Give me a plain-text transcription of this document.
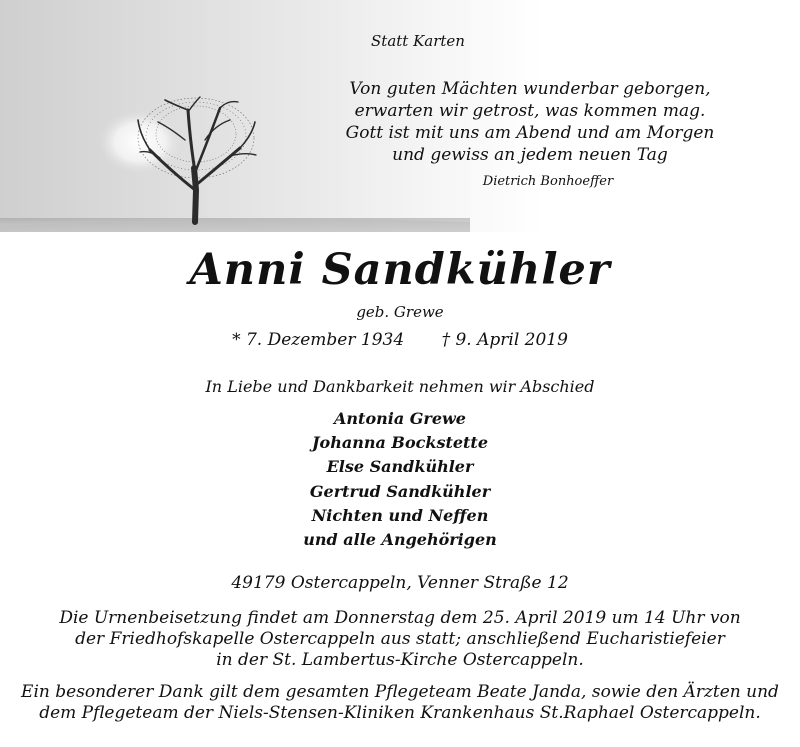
Statt Karten
Von guten Mächten wunderbar geborgen,
erwarten wir getrost, was kommen mag.
Gott ist mit uns am Abend und am Morgen
und gewiss an jedem neuen Tag
Dietrich Bonhoeffer
Anni Sandkühler
geb. Grewe
* 7. Dezember 1934 † 9. April 2019
In Liebe und Dankbarkeit nehmen wir Abschied
Antonia Grewe
Johanna Bockstette
Else Sandkühler
Gertrud Sandkühler
Nichten und Neffen
und alle Angehörigen
49179 Ostercappeln, Venner Straße 12
Die Urnenbeisetzung findet am Donnerstag dem 25. April 2019 um 14 Uhr von
der Friedhofskapelle Ostercappeln aus statt; anschließend Eucharistiefeier
in der St. Lambertus-Kirche Ostercappeln.
Ein besonderer Dank gilt dem gesamten Pflegeteam Beate Janda, sowie den Ärzten und
dem Pflegeteam der Niels-Stensen-Kliniken Krankenhaus St.Raphael Ostercappeln.
